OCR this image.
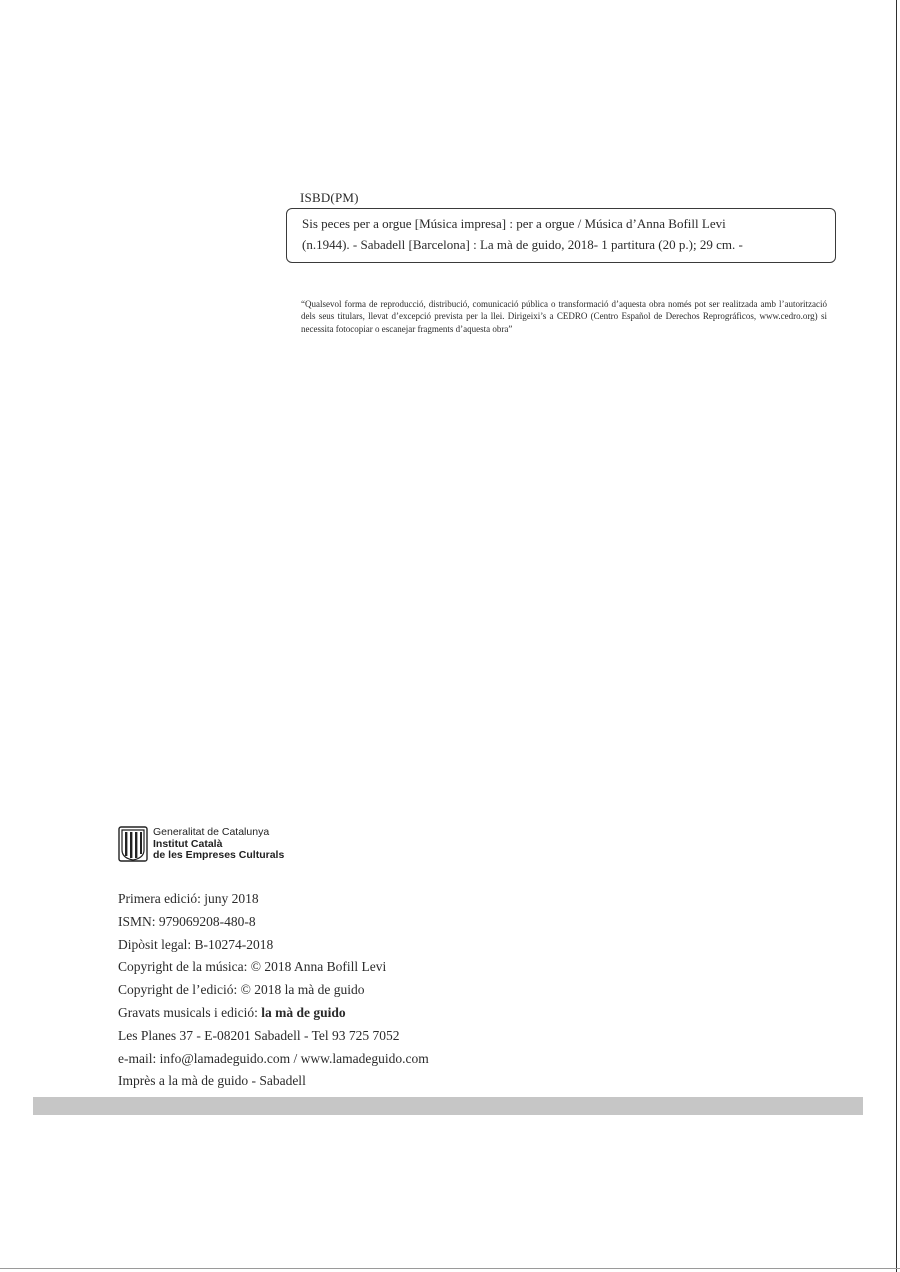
ISBD(PM)
Sis peces per a orgue [Música impresa] : per a orgue / Música d’Anna Bofill Levi
(n.1944). - Sabadell [Barcelona] : La mà de guido, 2018- 1 partitura (20 p.); 29 cm. -
“Qualsevol forma de reproducció, distribució, comunicació pública o transformació d’aquesta obra només pot ser realitzada amb l’autorització dels seus titulars, llevat d’excepció prevista per la llei. Dirigeixi’s a CEDRO (Centro Español de Derechos Reprográficos, www.cedro.org) si necessita fotocopiar o escanejar fragments d’aquesta obra”
Generalitat de Catalunya
Institut Català
de les Empreses Culturals
Primera edició: juny 2018
ISMN: 979069208-480-8
Dipòsit legal: B-10274-2018
Copyright de la música: © 2018 Anna Bofill Levi
Copyright de l’edició: © 2018 la mà de guido
Gravats musicals i edició: la mà de guido
Les Planes 37 - E-08201 Sabadell - Tel 93 725 7052
e-mail: info@lamadeguido.com / www.lamadeguido.com
Imprès a la mà de guido - Sabadell
